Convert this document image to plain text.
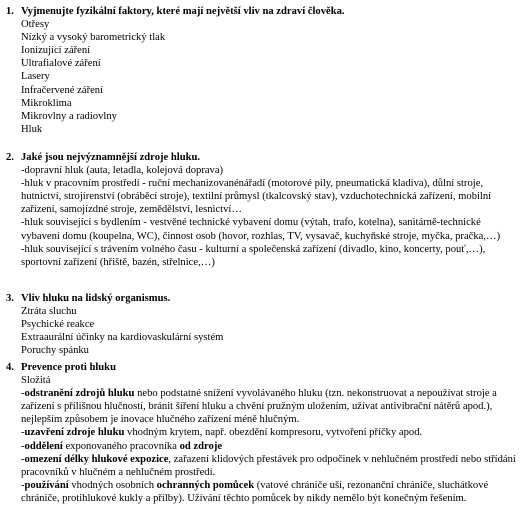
1. Vyjmenujte fyzikální faktory, které mají největší vliv na zdraví člověka.
Otřesy
Nízký a vysoký barometrický tlak
Ionizující záření
Ultrafialové záření
Lasery
Infračervené záření
Mikroklima
Mikrovlny a radiovlny
Hluk
2. Jaké jsou nejvýznamnější zdroje hluku.
-dopravní hluk (auta, letadla, kolejová doprava)
-hluk v pracovním prostředí - ruční mechanizovanénářadí (motorové pily, pneumatická kladiva), důlní stroje, hutnictví, strojírenství (obráběcí stroje), textilní průmysl (tkalcovský stav), vzduchotechnická zařízení, mobilní zařízení, samojízdné stroje, zemědělství, lesnictví…
-hluk související s bydlením - vestvěné technické vybavení domu (výtah, trafo, kotelna), sanitárně-technické vybavení domu (koupelna, WC), činnost osob (hovor, rozhlas, TV, vysavač, kuchyňské stroje, myčka, pračka,…)
-hluk související s trávením volného času - kulturní a společenská zařízení (divadlo, kino, koncerty, pouť,…), sportovní zařízení (hřiště, bazén, střelnice,…)
3. Vliv hluku na lidský organismus.
Ztráta sluchu
Psychické reakce
Extraaurální účinky na kardiovaskulární systém
Poruchy spánku
4. Prevence proti hluku
Složitá
-odstranění zdrojů hluku nebo podstatné snížení vyvolávaného hluku (tzn. nekonstruovat a nepoužívat stroje a zařízení s přílišnou hlučností, bránit šíření hluku a chvění pružným uložením, užívat antivibrační nátěrů apod.), nejlepším způsobem je inovace hlučného zařízení méně hlučným.
-uzavření zdroje hluku vhodným krytem, např. obezdění kompresoru, vytvoření příčky apod.
-oddělení exponovaného pracovníka od zdroje
-omezení délky hlukové expozice, zařazení klidových přestávek pro odpočinek v nehlučném prostředí nebo střídání pracovníků v hlučném a nehlučném prostředí.
-používání vhodných osobních ochranných pomůcek (vatové chrániče uší, rezonanční chrániče, sluchátkové chrániče, protihlukové kukly a přílby). Užívání těchto pomůcek by nikdy nemělo být konečným řešením.
